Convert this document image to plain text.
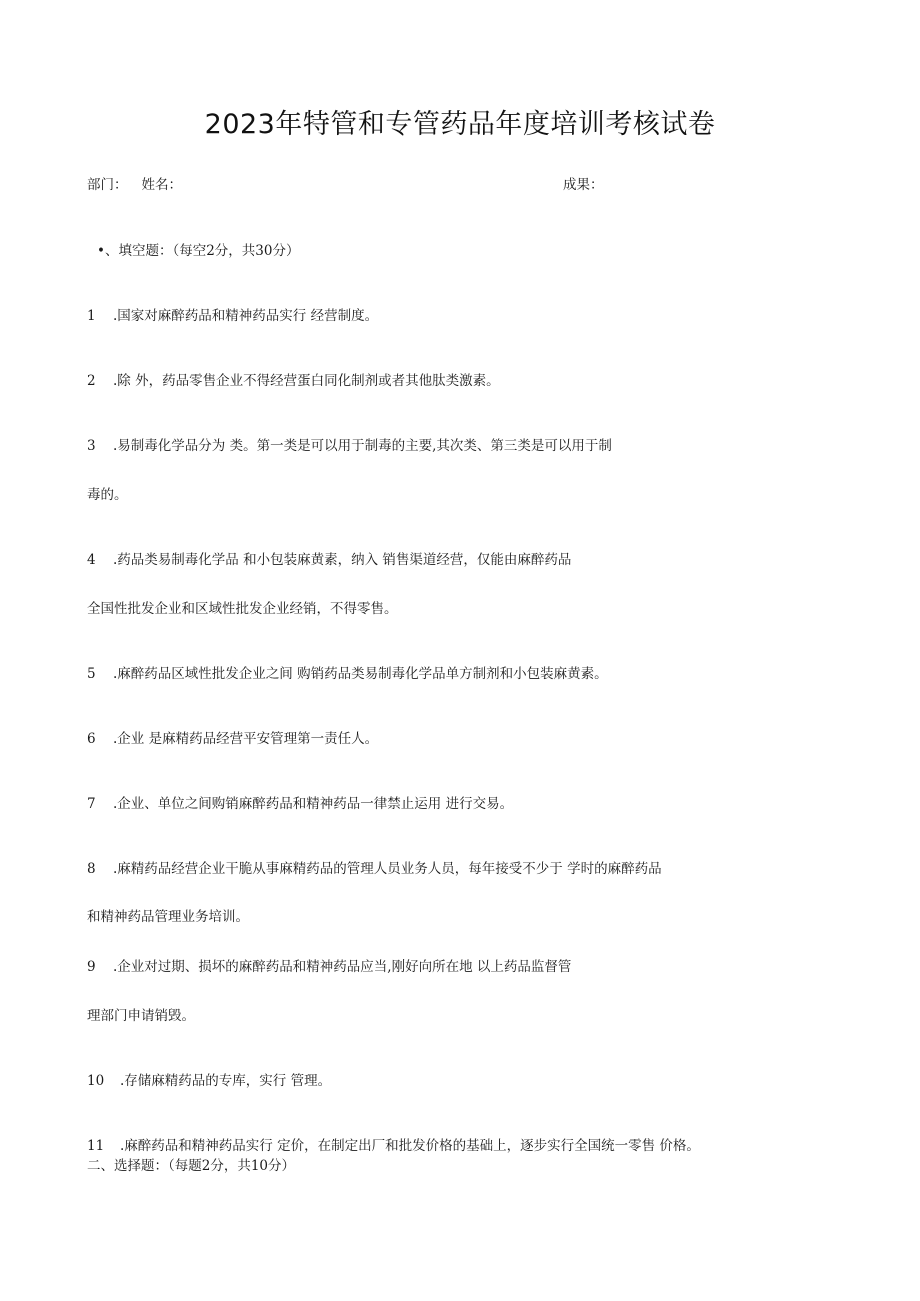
2023年特管和专管药品年度培训考核试卷
部门： 姓名：	成果：
•、填空题：（每空2分，共30分）
1 .国家对麻醉药品和精神药品实行 经营制度。
2 .除 外，药品零售企业不得经营蛋白同化制剂或者其他肽类激素。
3 .易制毒化学品分为 类。第一类是可以用于制毒的主要,其次类、第三类是可以用于制
毒的。
4 .药品类易制毒化学品 和小包装麻黄素，纳入 销售渠道经营，仅能由麻醉药品
全国性批发企业和区域性批发企业经销，不得零售。
5 .麻醉药品区域性批发企业之间 购销药品类易制毒化学品单方制剂和小包装麻黄素。
6 .企业 是麻精药品经营平安管理第一责任人。
7 .企业、单位之间购销麻醉药品和精神药品一律禁止运用 进行交易。
8 .麻精药品经营企业干脆从事麻精药品的管理人员业务人员，每年接受不少于 学时的麻醉药品
和精神药品管理业务培训。
9 .企业对过期、损坏的麻醉药品和精神药品应当,刚好向所在地 以上药品监督管
理部门申请销毁。
10 .存储麻精药品的专库，实行 管理。
11 .麻醉药品和精神药品实行 定价，在制定出厂和批发价格的基础上，逐步实行全国统一零售 价格。
二、选择题：（每题2分，共10分）
